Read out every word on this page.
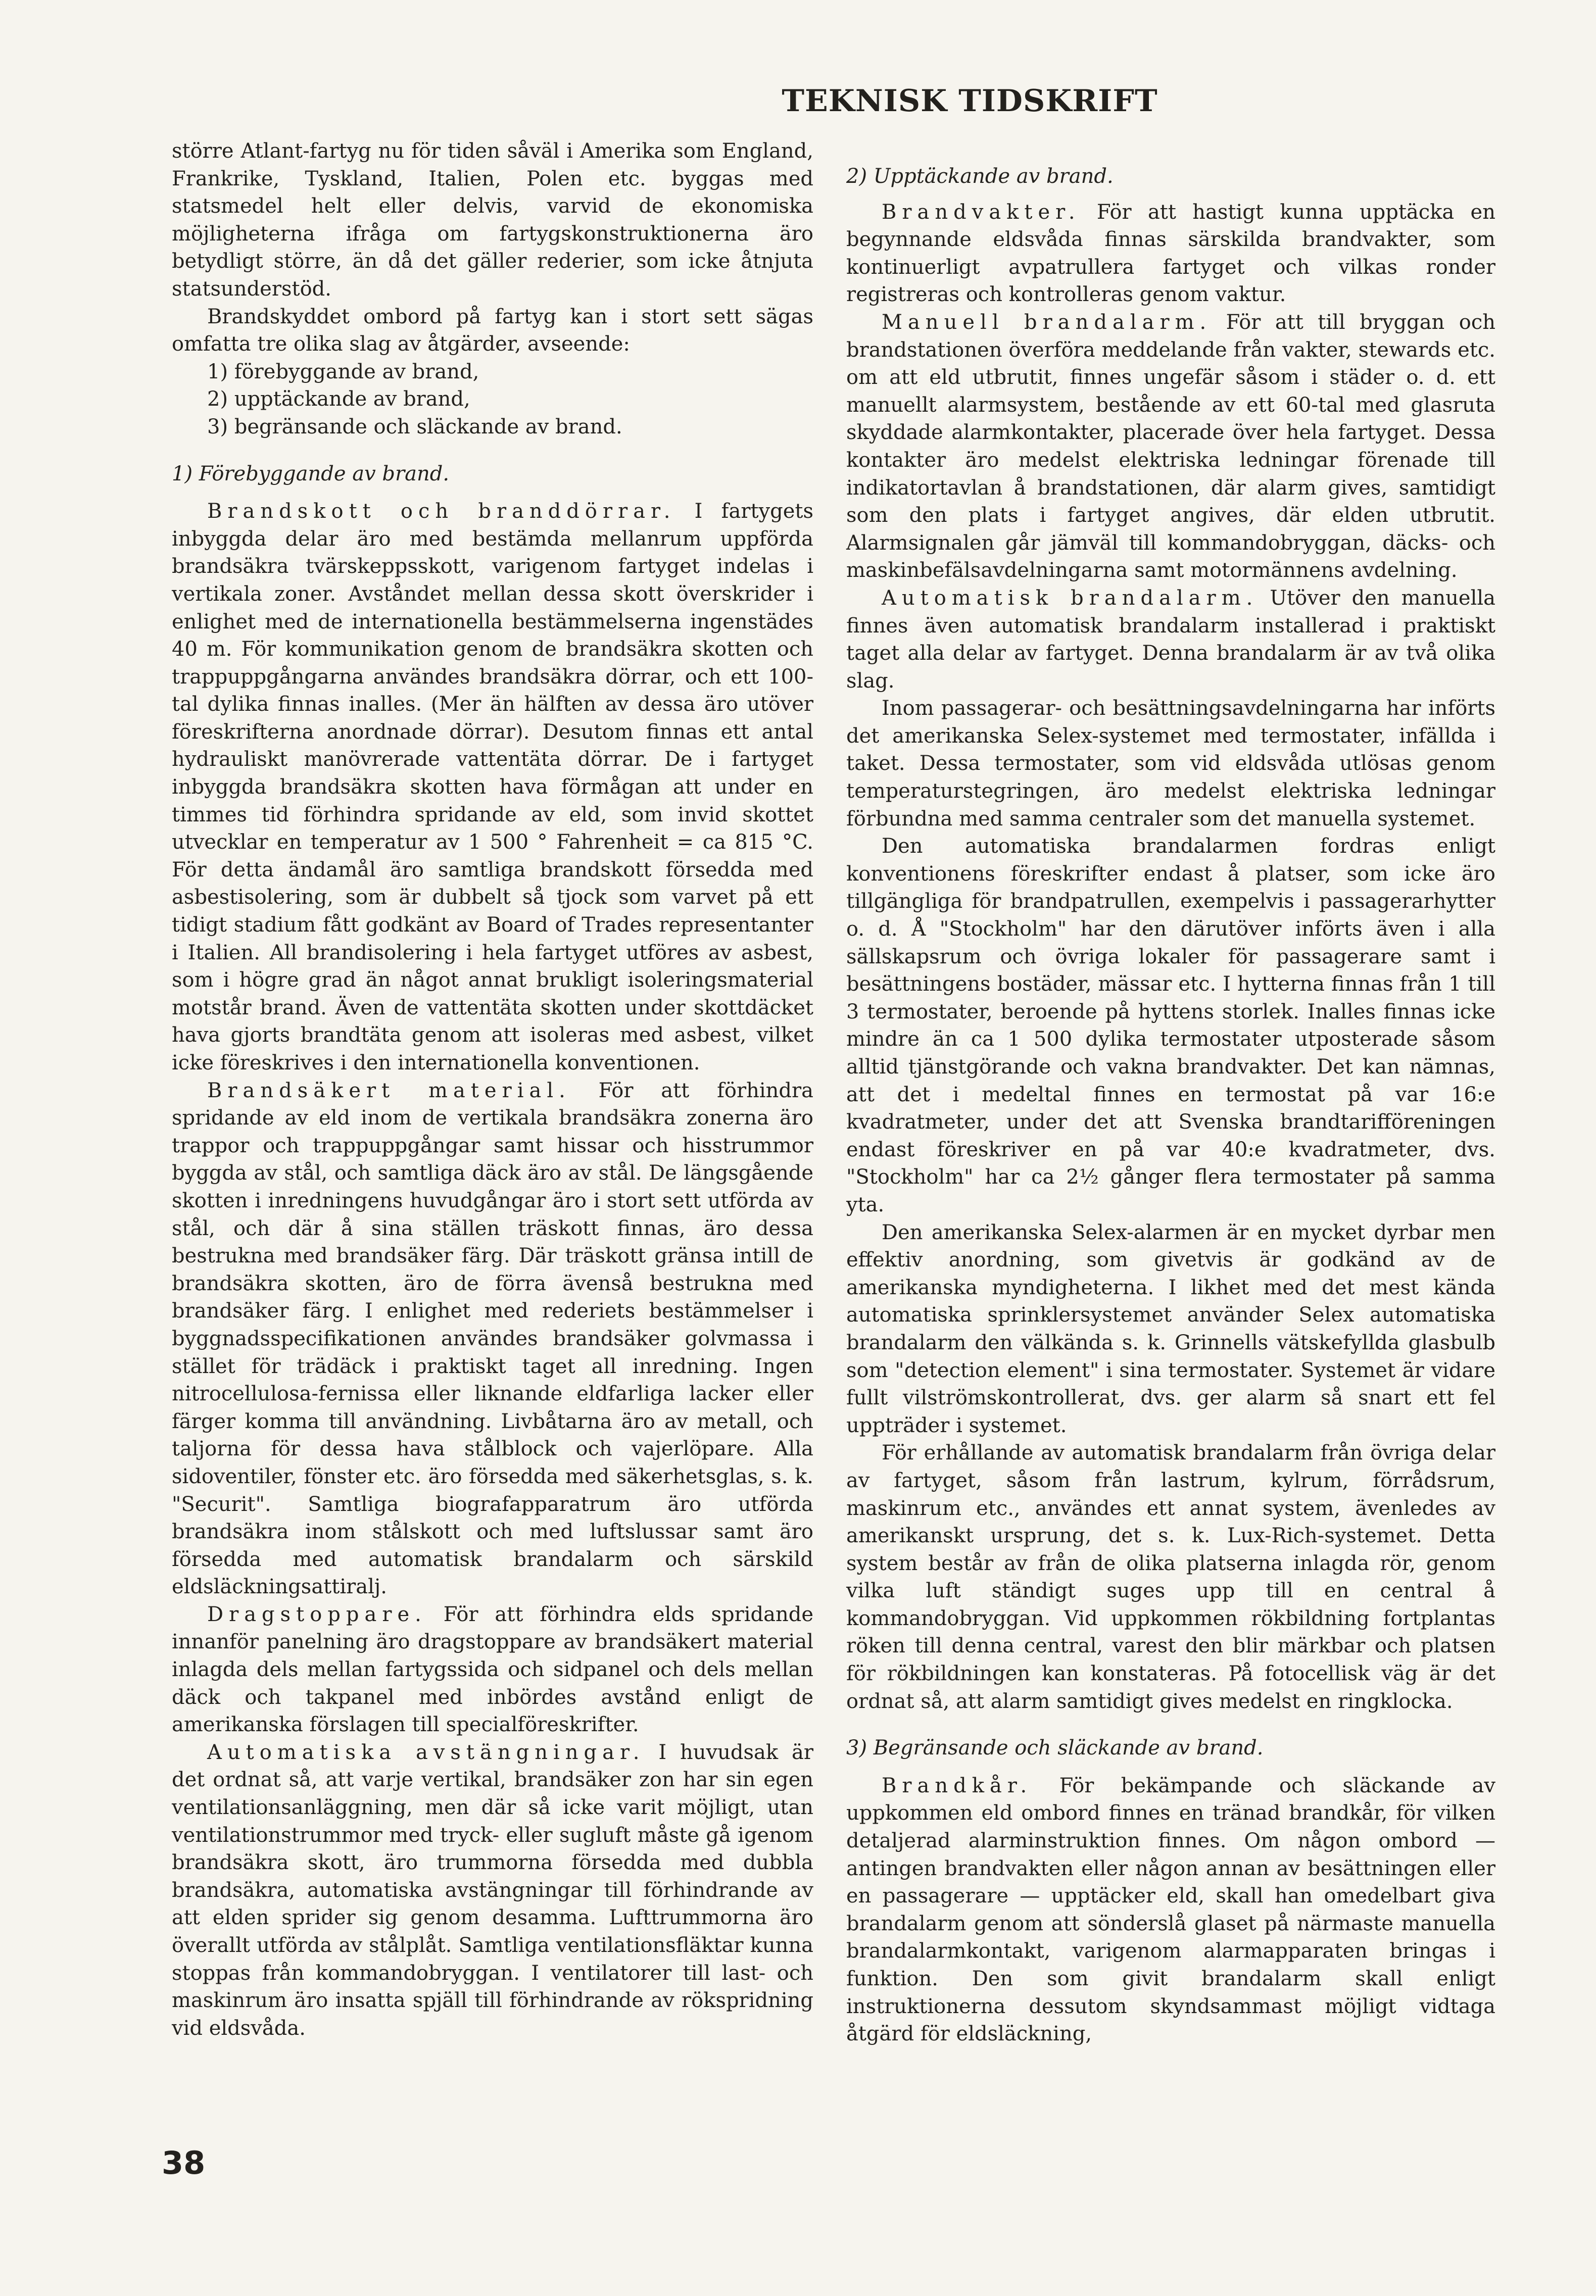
TEKNISK TIDSKRIFT

större Atlant-fartyg nu för tiden såväl i Amerika som England, Frankrike, Tyskland, Italien, Polen etc. byggas med statsmedel helt eller delvis, varvid de ekonomiska möjligheterna ifråga om fartygskonstruktionerna äro betydligt större, än då det gäller rederier, som icke åtnjuta statsunderstöd.

Brandskyddet ombord på fartyg kan i stort sett sägas omfatta tre olika slag av åtgärder, avseende:

1) förebyggande av brand,

2) upptäckande av brand,

3) begränsande och släckande av brand.

1) Förebyggande av brand.

Brandskott och branddörrar. I fartygets inbyggda delar äro med bestämda mellanrum uppförda brandsäkra tvärskeppsskott, varigenom fartyget indelas i vertikala zoner. Avståndet mellan dessa skott överskrider i enlighet med de internationella bestämmelserna ingenstädes 40 m. För kommunikation genom de brandsäkra skotten och trappuppgångarna användes brandsäkra dörrar, och ett 100-tal dylika finnas inalles. (Mer än hälften av dessa äro utöver föreskrifterna anordnade dörrar). Desutom finnas ett antal hydrauliskt manövrerade vattentäta dörrar. De i fartyget inbyggda brandsäkra skotten hava förmågan att under en timmes tid förhindra spridande av eld, som invid skottet utvecklar en temperatur av 1 500 ° Fahrenheit = ca 815 °C. För detta ändamål äro samtliga brandskott försedda med asbestisolering, som är dubbelt så tjock som varvet på ett tidigt stadium fått godkänt av Board of Trades representanter i Italien. All brandisolering i hela fartyget utföres av asbest, som i högre grad än något annat brukligt isoleringsmaterial motstår brand. Även de vattentäta skotten under skottdäcket hava gjorts brandtäta genom att isoleras med asbest, vilket icke föreskrives i den internationella konventionen.

Brandsäkert material. För att förhindra spridande av eld inom de vertikala brandsäkra zonerna äro trappor och trappuppgångar samt hissar och hisstrummor byggda av stål, och samtliga däck äro av stål. De längsgående skotten i inredningens huvudgångar äro i stort sett utförda av stål, och där å sina ställen träskott finnas, äro dessa bestrukna med brandsäker färg. Där träskott gränsa intill de brandsäkra skotten, äro de förra ävenså bestrukna med brandsäker färg. I enlighet med rederiets bestämmelser i byggnadsspecifikationen användes brandsäker golvmassa i stället för trädäck i praktiskt taget all inredning. Ingen nitrocellulosa-fernissa eller liknande eldfarliga lacker eller färger komma till användning. Livbåtarna äro av metall, och taljorna för dessa hava stålblock och vajerlöpare. Alla sidoventiler, fönster etc. äro försedda med säkerhetsglas, s. k. "Securit". Samtliga biografapparatrum äro utförda brandsäkra inom stålskott och med luftslussar samt äro försedda med automatisk brandalarm och särskild eldsläckningsattiralj.

Dragstoppare. För att förhindra elds spridande innanför panelning äro dragstoppare av brandsäkert material inlagda dels mellan fartygssida och sidpanel och dels mellan däck och takpanel med inbördes avstånd enligt de amerikanska förslagen till specialföreskrifter.

Automatiska avstängningar. I huvudsak är det ordnat så, att varje vertikal, brandsäker zon har sin egen ventilationsanläggning, men där så icke varit möjligt, utan ventilationstrummor med tryck- eller sugluft måste gå igenom brandsäkra skott, äro trummorna försedda med dubbla brandsäkra, automatiska avstängningar till förhindrande av att elden sprider sig genom desamma. Lufttrummorna äro överallt utförda av stålplåt. Samtliga ventilationsfläktar kunna stoppas från kommandobryggan. I ventilatorer till last- och maskinrum äro insatta spjäll till förhindrande av rökspridning vid eldsvåda.

2) Upptäckande av brand.

Brandvakter. För att hastigt kunna upptäcka en begynnande eldsvåda finnas särskilda brandvakter, som kontinuerligt avpatrullera fartyget och vilkas ronder registreras och kontrolleras genom vaktur.

Manuell brandalarm. För att till bryggan och brandstationen överföra meddelande från vakter, stewards etc. om att eld utbrutit, finnes ungefär såsom i städer o. d. ett manuellt alarmsystem, bestående av ett 60-tal med glasruta skyddade alarmkontakter, placerade över hela fartyget. Dessa kontakter äro medelst elektriska ledningar förenade till indikatortavlan å brandstationen, där alarm gives, samtidigt som den plats i fartyget angives, där elden utbrutit. Alarmsignalen går jämväl till kommandobryggan, däcks- och maskinbefälsavdelningarna samt motormännens avdelning.

Automatisk brandalarm. Utöver den manuella finnes även automatisk brandalarm installerad i praktiskt taget alla delar av fartyget. Denna brandalarm är av två olika slag.

Inom passagerar- och besättningsavdelningarna har införts det amerikanska Selex-systemet med termostater, infällda i taket. Dessa termostater, som vid eldsvåda utlösas genom temperaturstegringen, äro medelst elektriska ledningar förbundna med samma centraler som det manuella systemet.

Den automatiska brandalarmen fordras enligt konventionens föreskrifter endast å platser, som icke äro tillgängliga för brandpatrullen, exempelvis i passagerarhytter o. d. Å "Stockholm" har den därutöver införts även i alla sällskapsrum och övriga lokaler för passagerare samt i besättningens bostäder, mässar etc. I hytterna finnas från 1 till 3 termostater, beroende på hyttens storlek. Inalles finnas icke mindre än ca 1 500 dylika termostater utposterade såsom alltid tjänstgörande och vakna brandvakter. Det kan nämnas, att det i medeltal finnes en termostat på var 16:e kvadratmeter, under det att Svenska brandtarifföreningen endast föreskriver en på var 40:e kvadratmeter, dvs. "Stockholm" har ca 2½ gånger flera termostater på samma yta.

Den amerikanska Selex-alarmen är en mycket dyrbar men effektiv anordning, som givetvis är godkänd av de amerikanska myndigheterna. I likhet med det mest kända automatiska sprinklersystemet använder Selex automatiska brandalarm den välkända s. k. Grinnells vätskefyllda glasbulb som "detection element" i sina termostater. Systemet är vidare fullt vilströmskontrollerat, dvs. ger alarm så snart ett fel uppträder i systemet.

För erhållande av automatisk brandalarm från övriga delar av fartyget, såsom från lastrum, kylrum, förrådsrum, maskinrum etc., användes ett annat system, ävenledes av amerikanskt ursprung, det s. k. Lux-Rich-systemet. Detta system består av från de olika platserna inlagda rör, genom vilka luft ständigt suges upp till en central å kommandobryggan. Vid uppkommen rökbildning fortplantas röken till denna central, varest den blir märkbar och platsen för rökbildningen kan konstateras. På fotocellisk väg är det ordnat så, att alarm samtidigt gives medelst en ringklocka.

3) Begränsande och släckande av brand.

Brandkår. För bekämpande och släckande av uppkommen eld ombord finnes en tränad brandkår, för vilken detaljerad alarminstruktion finnes. Om någon ombord — antingen brandvakten eller någon annan av besättningen eller en passagerare — upptäcker eld, skall han omedelbart giva brandalarm genom att sönderslå glaset på närmaste manuella brandalarmkontakt, varigenom alarmapparaten bringas i funktion. Den som givit brandalarm skall enligt instruktionerna dessutom skyndsammast möjligt vidtaga åtgärd för eldsläckning,

38
